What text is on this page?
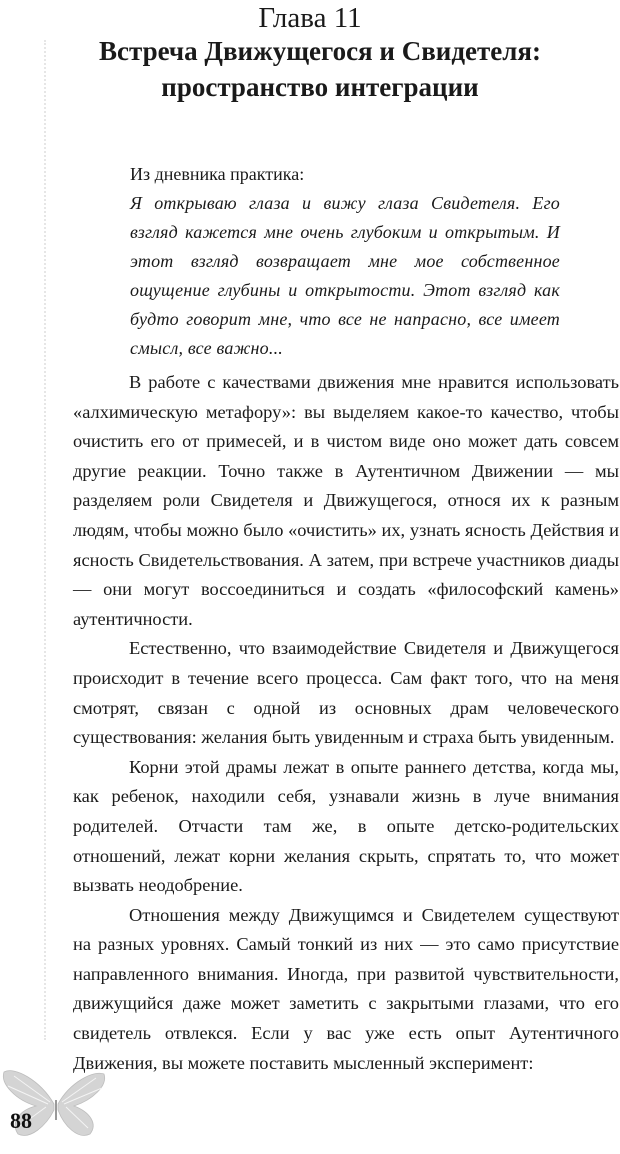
Глава 11
Встреча Движущегося и Свидетеля:
пространство интеграции
Из дневника практика:
Я открываю глаза и вижу глаза Свидетеля. Его взгляд кажется мне очень глубоким и открытым. И этот взгляд возвращает мне мое собственное ощущение глубины и открытости. Этот взгляд как будто говорит мне, что все не напрасно, все имеет смысл, все важно...

В работе с качествами движения мне нравится использовать «алхимическую метафору»: вы выделяем какое-то качество, чтобы очистить его от примесей, и в чистом виде оно может дать совсем другие реакции. Точно также в Аутентичном Движении — мы разделяем роли Свидетеля и Движущегося, относя их к разным людям, чтобы можно было «очистить» их, узнать ясность Действия и ясность Свидетельствования. А затем, при встрече участников диады — они могут воссоединиться и создать «философский камень» аутентичности.

Естественно, что взаимодействие Свидетеля и Движущегося происходит в течение всего процесса. Сам факт того, что на меня смотрят, связан с одной из основных драм человеческого существования: желания быть увиденным и страха быть увиденным.

Корни этой драмы лежат в опыте раннего детства, когда мы, как ребенок, находили себя, узнавали жизнь в луче внимания родителей. Отчасти там же, в опыте детско-родительских отношений, лежат корни желания скрыть, спрятать то, что может вызвать неодобрение.

Отношения между Движущимся и Свидетелем существуют на разных уровнях. Самый тонкий из них — это само присутствие направленного внимания. Иногда, при развитой чувствительности, движущийся даже может заметить с закрытыми глазами, что его свидетель отвлекся. Если у вас уже есть опыт Аутентичного Движения, вы можете поставить мысленный эксперимент:

88
